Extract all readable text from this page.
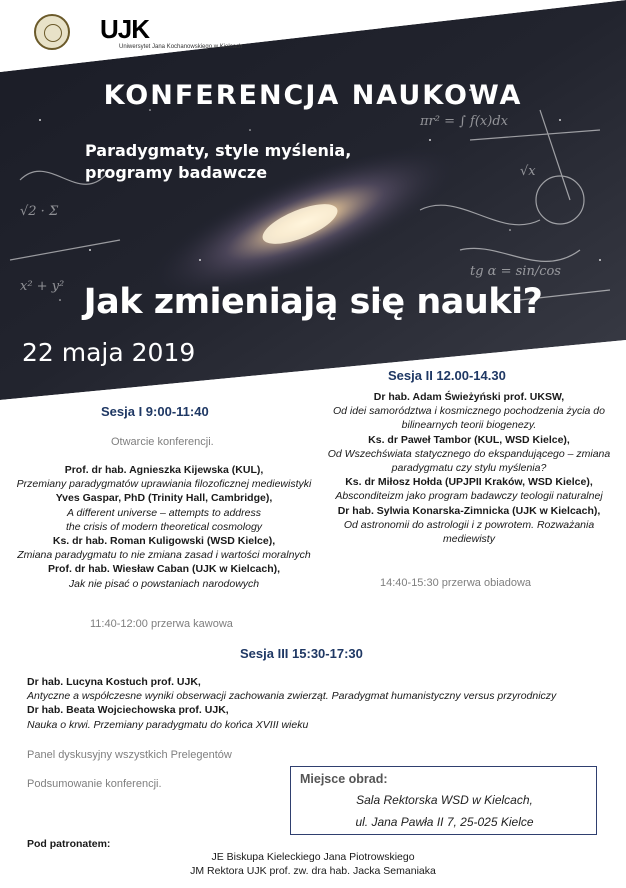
πr² = ∫ f(x)dx
√2 · Σ
tg α = sin/cos
√x
x² + y²
UJK
Uniwersytet Jana Kochanowskiego w Kielcach
KONFERENCJA NAUKOWA
Paradygmaty, style myślenia,
programy badawcze
Jak zmieniają się nauki?
22 maja 2019
Sesja I 9:00-11:40
Otwarcie konferencji.
Prof. dr hab. Agnieszka Kijewska (KUL),
Przemiany paradygmatów uprawiania filozoficznej mediewistyki
Yves Gaspar, PhD (Trinity Hall, Cambridge),
A different universe – attempts to address
the crisis of modern theoretical cosmology
Ks. dr hab. Roman Kuligowski (WSD Kielce),
Zmiana paradygmatu to nie zmiana zasad i wartości moralnych
Prof. dr hab. Wiesław Caban (UJK w Kielcach),
Jak nie pisać o powstaniach narodowych
11:40-12:00 przerwa kawowa
Sesja II 12.00-14.30
Dr hab. Adam Świeżyński prof. UKSW,
Od idei samorództwa i kosmicznego pochodzenia życia do
bilinearnych teorii biogenezy.
Ks. dr Paweł Tambor (KUL, WSD Kielce),
Od Wszechświata statycznego do ekspandującego – zmiana
paradygmatu czy stylu myślenia?
Ks. dr Miłosz Hołda (UPJPII Kraków, WSD Kielce),
Absconditeizm jako program badawczy teologii naturalnej
Dr hab. Sylwia Konarska-Zimnicka (UJK w Kielcach),
Od astronomii do astrologii i z powrotem. Rozważania
mediewisty
14:40-15:30 przerwa obiadowa
Sesja III 15:30-17:30
Dr hab. Lucyna Kostuch prof. UJK,
Antyczne a współczesne wyniki obserwacji zachowania zwierząt. Paradygmat humanistyczny versus przyrodniczy
Dr hab. Beata Wojciechowska prof. UJK,
Nauka o krwi. Przemiany paradygmatu do końca XVIII wieku
Panel dyskusyjny wszystkich Prelegentów
Podsumowanie konferencji.	Miejsce obrad:
Sala Rektorska WSD w Kielcach,
ul. Jana Pawła II 7, 25-025 Kielce
Pod patronatem:
JE Biskupa Kieleckiego Jana Piotrowskiego
JM Rektora UJK prof. zw. dra hab. Jacka Semaniaka
